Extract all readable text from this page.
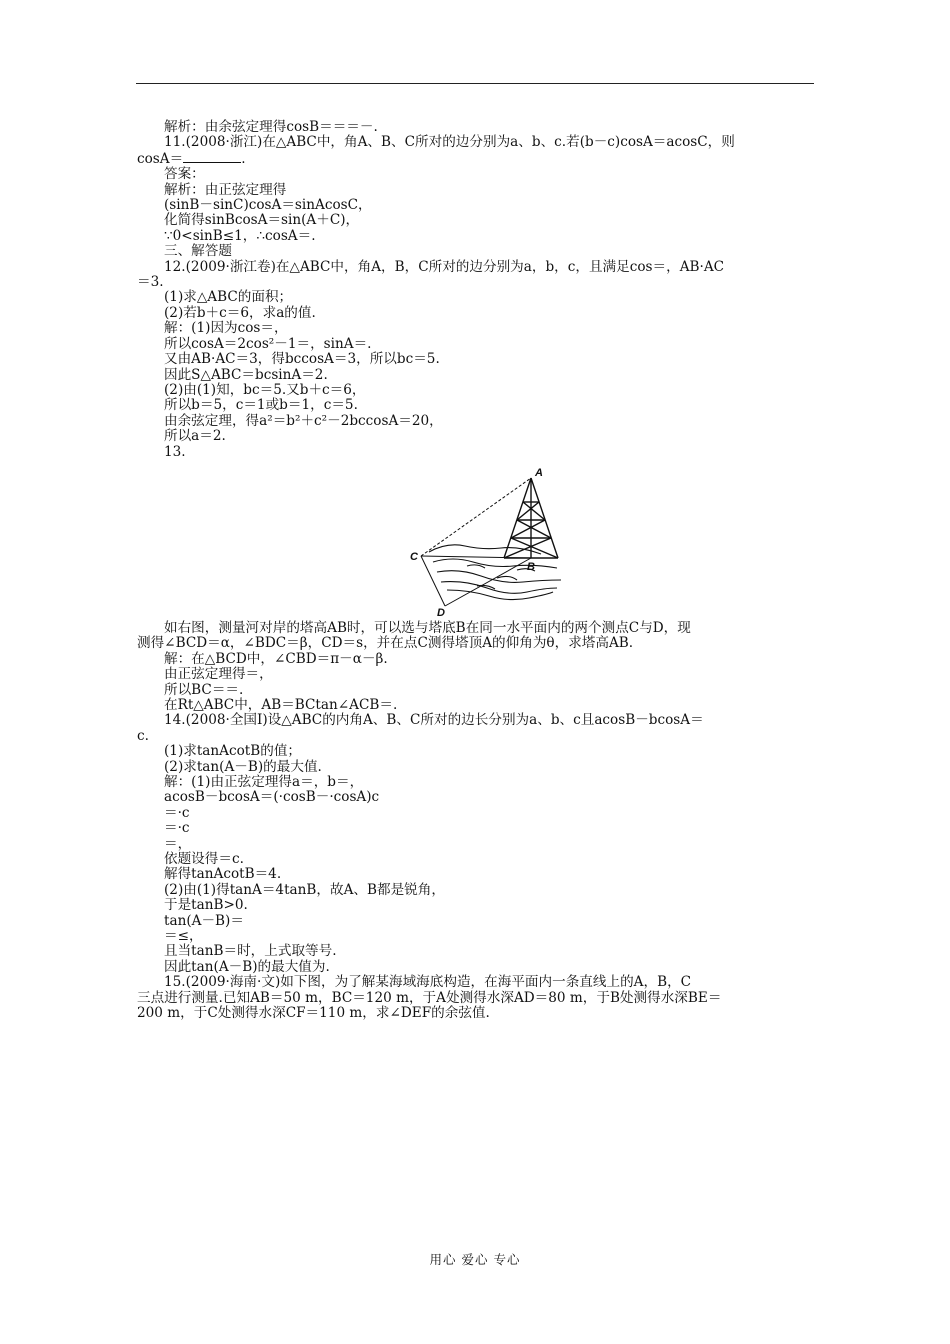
解析：由余弦定理得cosB＝＝＝－.

11.(2008·浙江)在△ABC中，角A、B、C所对的边分别为a、b、c.若(b－c)cosA＝acosC，则

cosA＝	.

答案：

解析：由正弦定理得

(sinB－sinC)cosA＝sinAcosC，

化简得sinBcosA＝sin(A＋C)，

∵0<sinB≤1，∴cosA＝.

三、解答题

12.(2009·浙江卷)在△ABC中，角A，B，C所对的边分别为a，b，c，且满足cos＝，AB·AC

＝3.

(1)求△ABC的面积；

(2)若b＋c＝6，求a的值.

解：(1)因为cos＝，

所以cosA＝2cos²－1＝，sinA＝.

又由AB·AC＝3，得bccosA＝3，所以bc＝5.

因此S△ABC＝bcsinA＝2.

(2)由(1)知，bc＝5.又b＋c＝6，

所以b＝5，c＝1或b＝1，c＝5.

由余弦定理，得a²＝b²＋c²－2bccosA＝20，

所以a＝2.

13.

A
B
C
D

如右图，测量河对岸的塔高AB时，可以选与塔底B在同一水平面内的两个测点C与D，现

测得∠BCD＝α，∠BDC＝β，CD＝s，并在点C测得塔顶A的仰角为θ，求塔高AB.

解：在△BCD中，∠CBD＝π－α－β.

由正弦定理得＝，

所以BC＝＝.

在Rt△ABC中，AB＝BCtan∠ACB＝.

14.(2008·全国Ⅰ)设△ABC的内角A、B、C所对的边长分别为a、b、c且acosB－bcosA＝

c.

(1)求tanAcotB的值；

(2)求tan(A－B)的最大值.

解：(1)由正弦定理得a＝，b＝，

acosB－bcosA＝(·cosB－·cosA)c

＝·c

＝·c

＝，

依题设得＝c.

解得tanAcotB＝4.

(2)由(1)得tanA＝4tanB，故A、B都是锐角，

于是tanB>0.

tan(A－B)＝

＝≤，

且当tanB＝时，上式取等号.

因此tan(A－B)的最大值为.

15.(2009·海南·文)如下图，为了解某海域海底构造，在海平面内一条直线上的A，B，C

三点进行测量.已知AB＝50 m，BC＝120 m，于A处测得水深AD＝80 m，于B处测得水深BE＝

200 m，于C处测得水深CF＝110 m，求∠DEF的余弦值.

用心 爱心 专心
